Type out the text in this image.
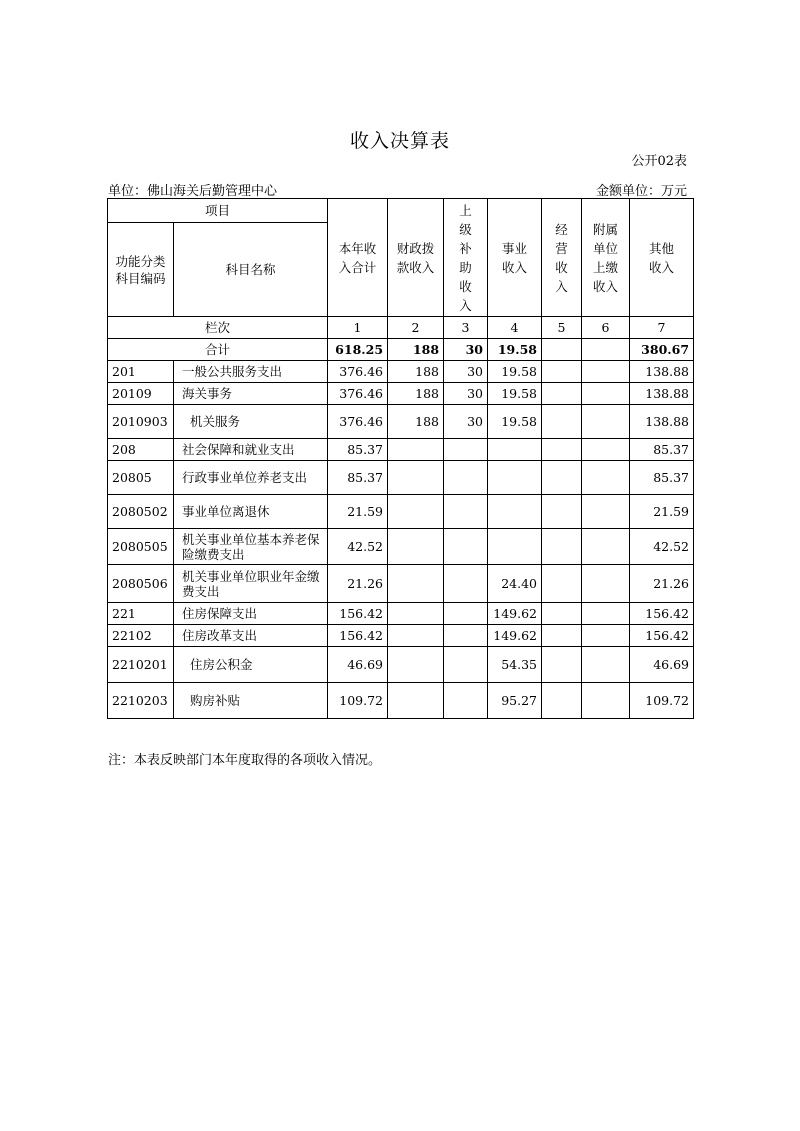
收入决算表
公开02表
单位：佛山海关后勤管理中心	金额单位：万元
项目		本年收入合计	财政拨款收入	上级补助收入	事业收入	经营收入	附属单位上缴收入	其他收入
功能分类科目编码	科目名称							
栏次		1	2	3	4	5	6	7
合计		618.25	188	30	19.58			380.67
201	一般公共服务支出	376.46	188	30	19.58			138.88
20109	海关事务	376.46	188	30	19.58			138.88
2010903	机关服务	376.46	188	30	19.58			138.88
208	社会保障和就业支出	85.37						85.37
20805	行政事业单位养老支出	85.37						85.37
2080502	事业单位离退休	21.59						21.59
2080505	机关事业单位基本养老保险缴费支出	42.52						42.52
2080506	机关事业单位职业年金缴费支出	21.26			24.40			21.26
221	住房保障支出	156.42			149.62			156.42
22102	住房改革支出	156.42			149.62			156.42
2210201	住房公积金	46.69			54.35			46.69
2210203	购房补贴	109.72			95.27			109.72
注：本表反映部门本年度取得的各项收入情况。
